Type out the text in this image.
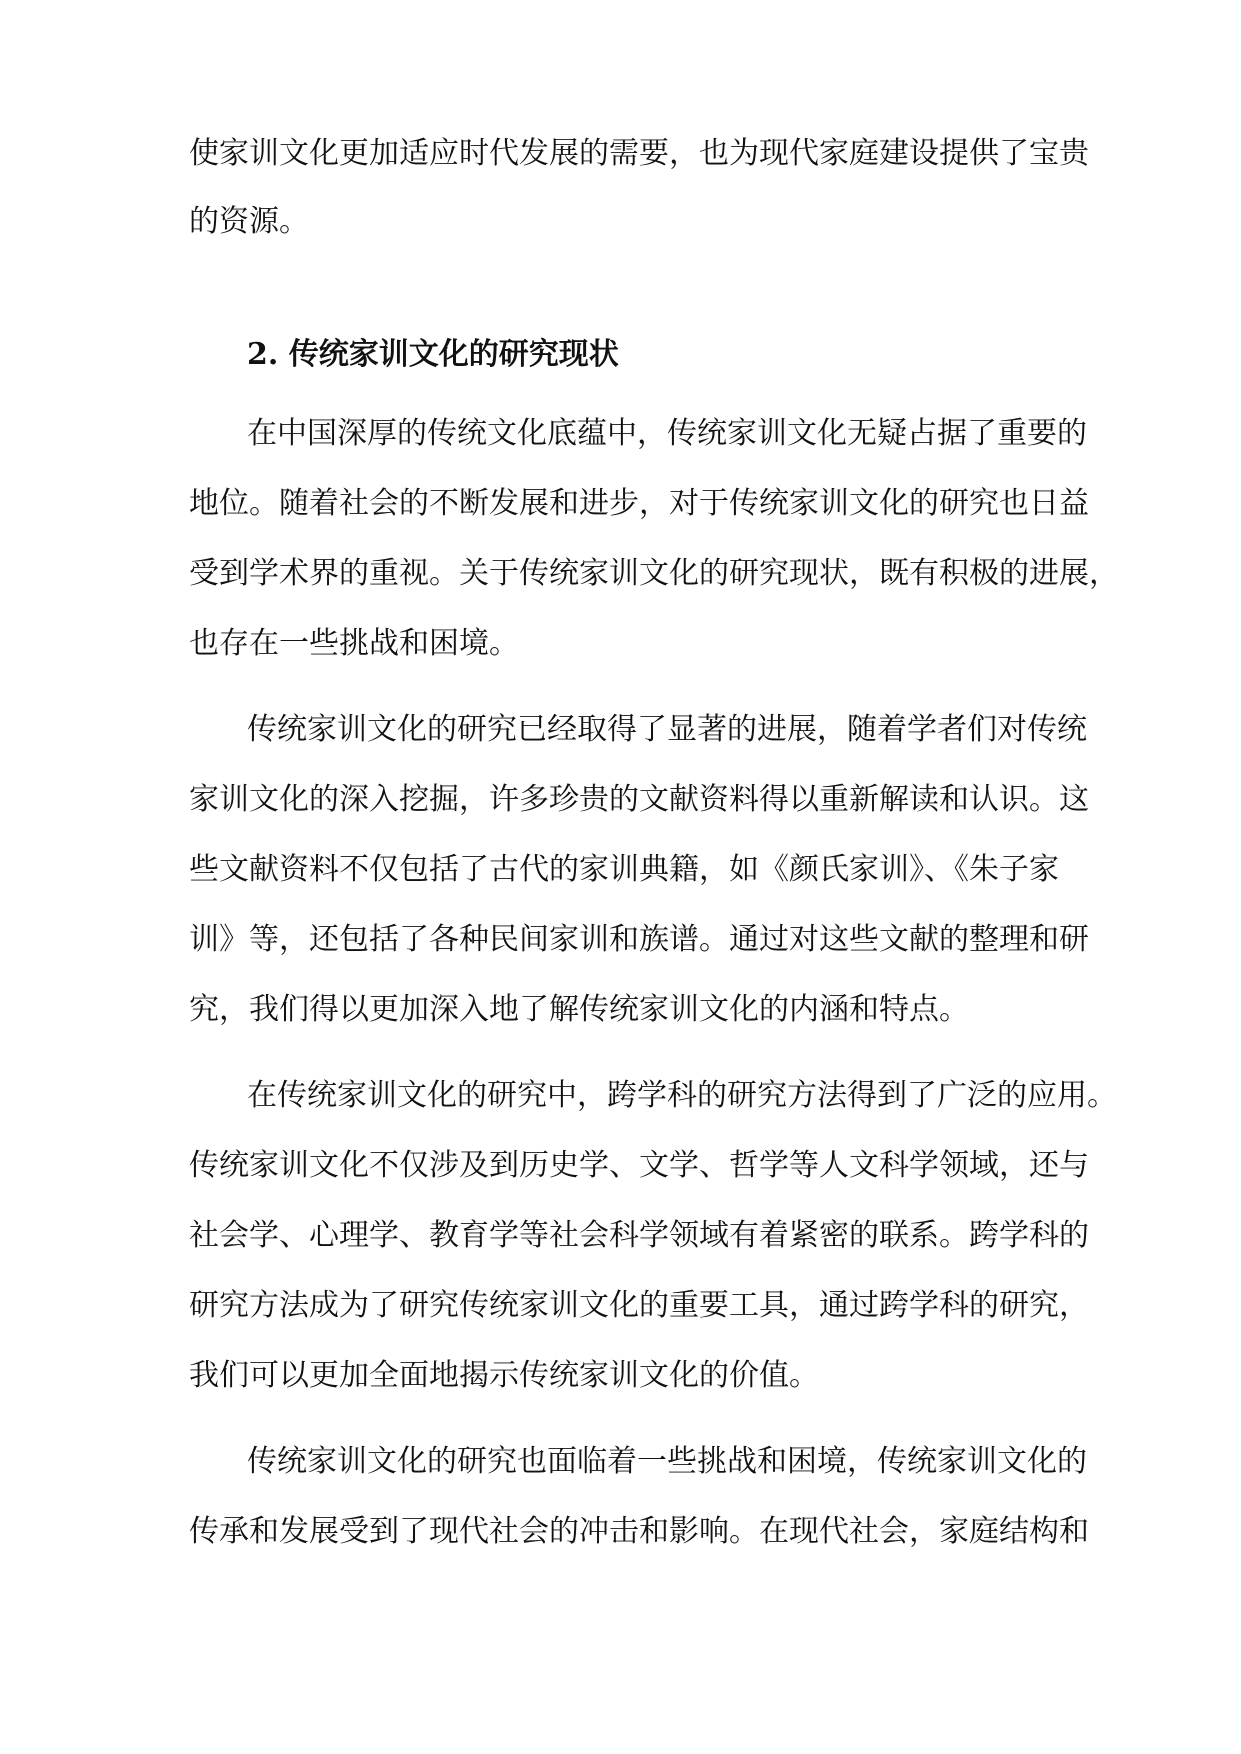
使家训文化更加适应时代发展的需要，也为现代家庭建设提供了宝贵
的资源。
2. 传统家训文化的研究现状
在中国深厚的传统文化底蕴中，传统家训文化无疑占据了重要的
地位。随着社会的不断发展和进步，对于传统家训文化的研究也日益
受到学术界的重视。关于传统家训文化的研究现状，既有积极的进展，
也存在一些挑战和困境。
传统家训文化的研究已经取得了显著的进展，随着学者们对传统
家训文化的深入挖掘，许多珍贵的文献资料得以重新解读和认识。这
些文献资料不仅包括了古代的家训典籍，如《颜氏家训》、《朱子家
训》等，还包括了各种民间家训和族谱。通过对这些文献的整理和研
究，我们得以更加深入地了解传统家训文化的内涵和特点。
在传统家训文化的研究中，跨学科的研究方法得到了广泛的应用。
传统家训文化不仅涉及到历史学、文学、哲学等人文科学领域，还与
社会学、心理学、教育学等社会科学领域有着紧密的联系。跨学科的
研究方法成为了研究传统家训文化的重要工具，通过跨学科的研究，
我们可以更加全面地揭示传统家训文化的价值。
传统家训文化的研究也面临着一些挑战和困境，传统家训文化的
传承和发展受到了现代社会的冲击和影响。在现代社会，家庭结构和
